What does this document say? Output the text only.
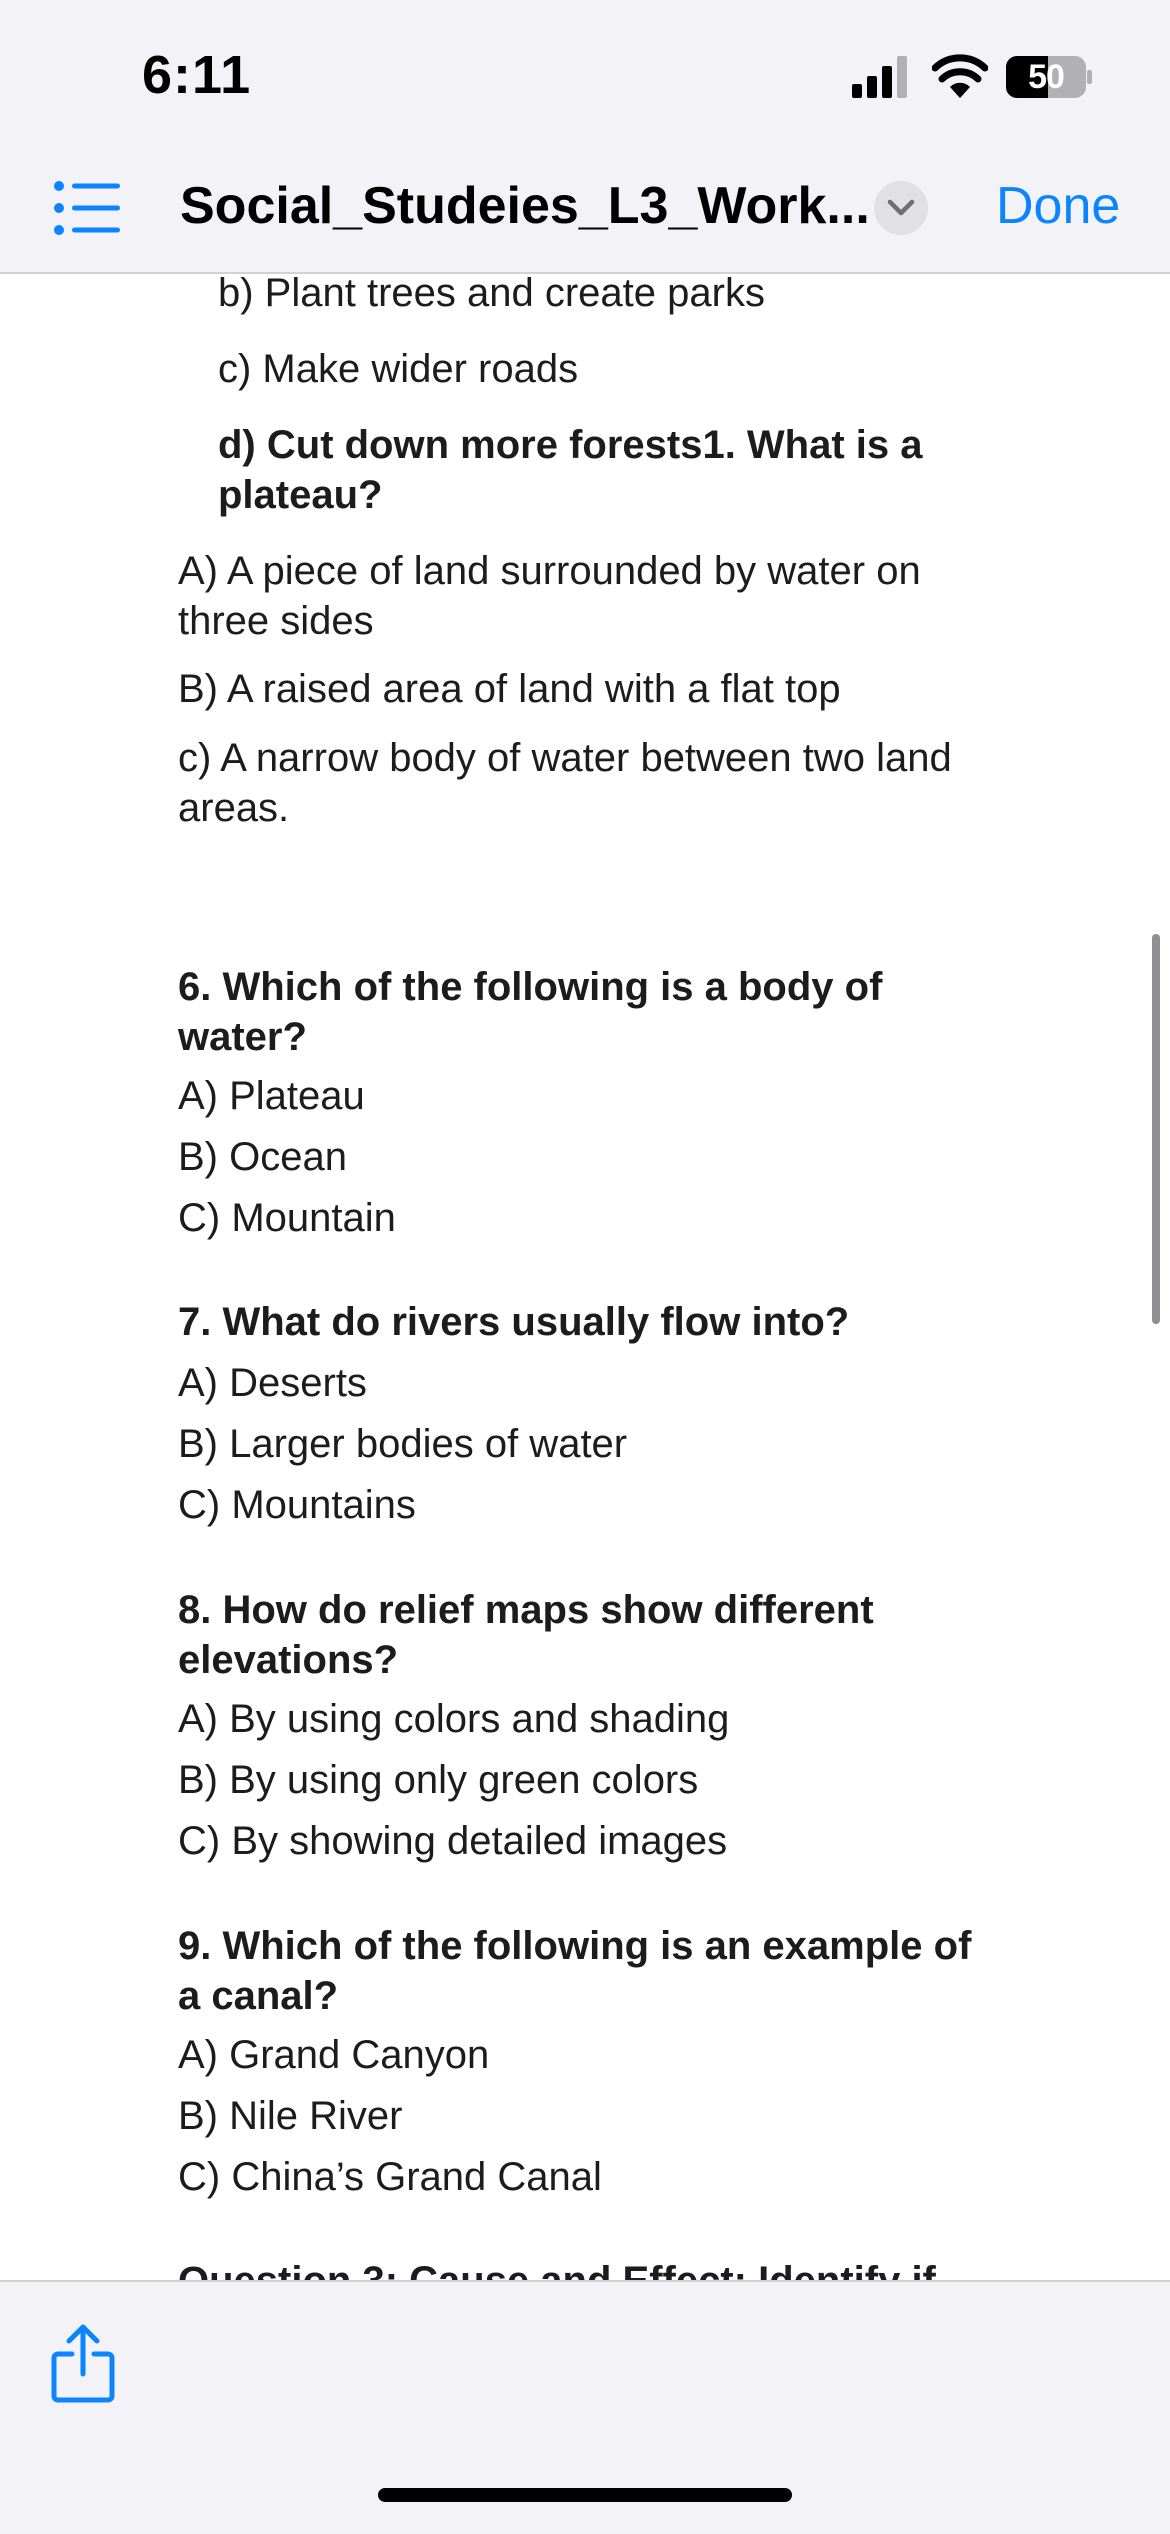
6:11	50
Social_Studeies_L3_Work... Done
b) Plant trees and create parks
c) Make wider roads
d) Cut down more forests1. What is a plateau?
A) A piece of land surrounded by water on three sides
B) A raised area of land with a flat top
c) A narrow body of water between two land areas.
6. Which of the following is a body of water?
A) Plateau
B) Ocean
C) Mountain
7. What do rivers usually flow into?
A) Deserts
B) Larger bodies of water
C) Mountains
8. How do relief maps show different elevations?
A) By using colors and shading
B) By using only green colors
C) By showing detailed images
9. Which of the following is an example of a canal?
A) Grand Canyon
B) Nile River
C) China’s Grand Canal
